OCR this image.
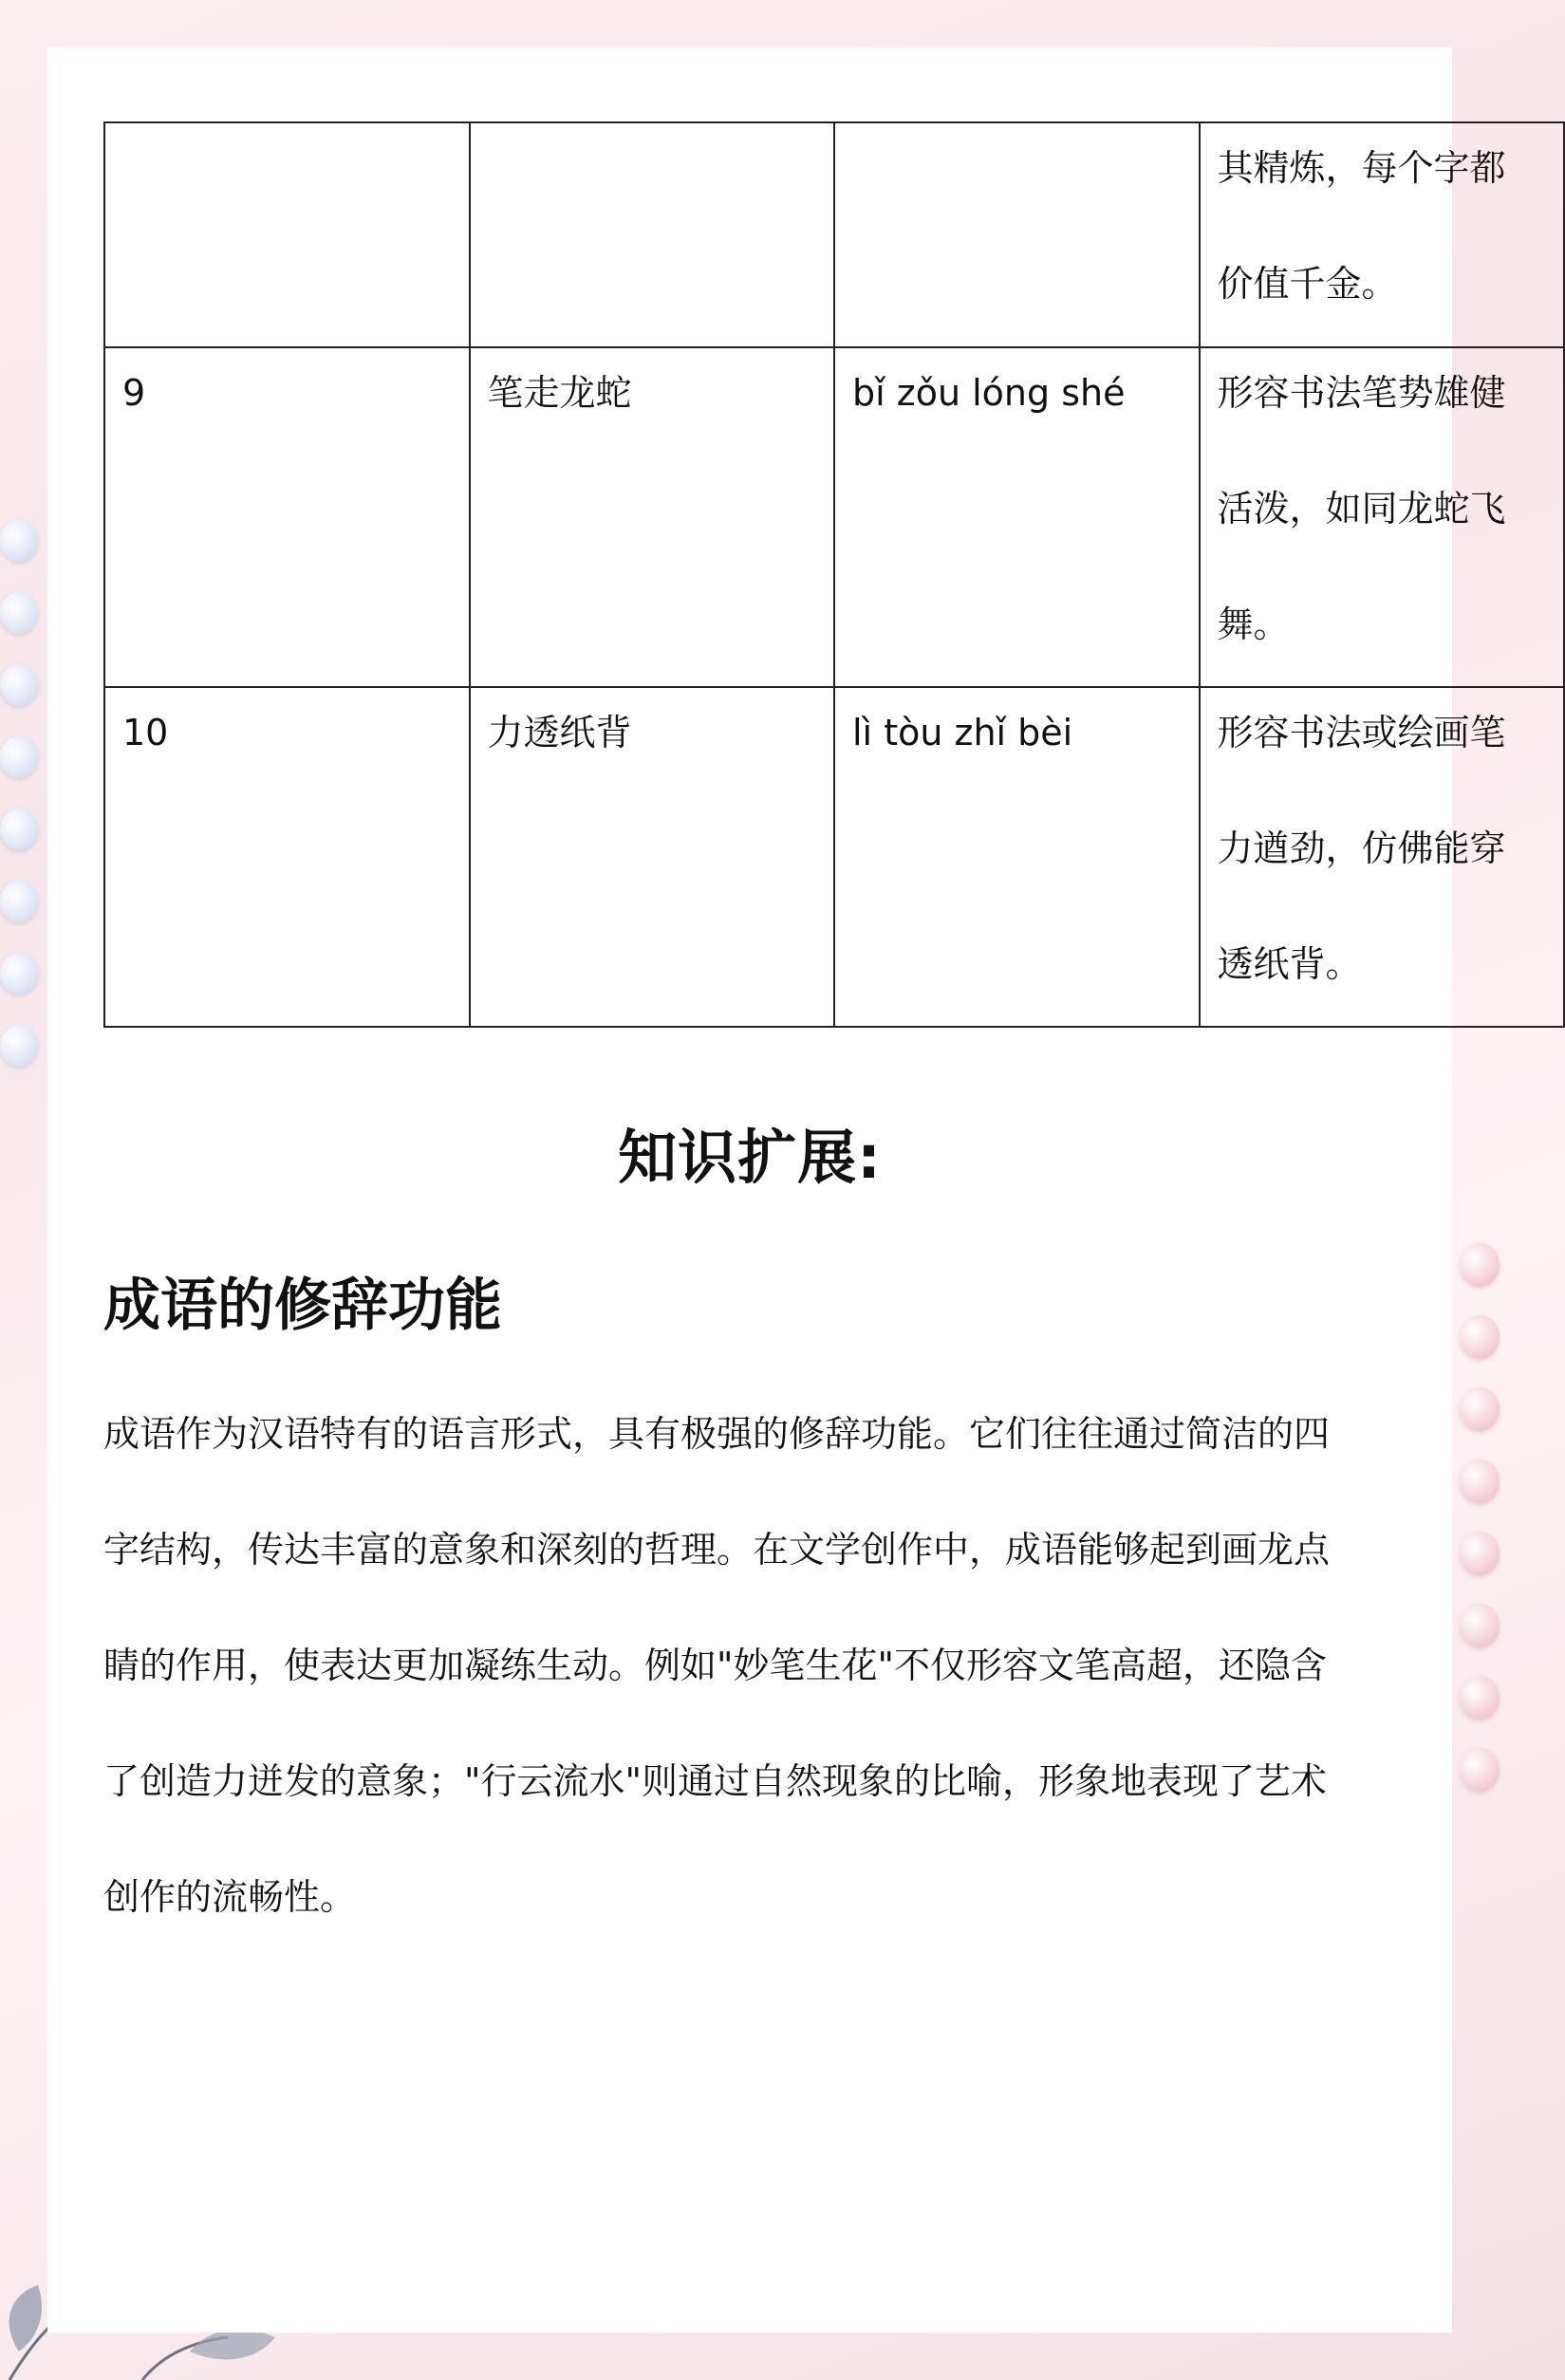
			其精炼，每个字都
价值千金。

9	笔走龙蛇	bǐ zǒu lóng shé	形容书法笔势雄健
活泼，如同龙蛇飞
舞。

10	力透纸背	lì tòu zhǐ bèi	形容书法或绘画笔
力遒劲，仿佛能穿
透纸背。
知识扩展:
成语的修辞功能
成语作为汉语特有的语言形式，具有极强的修辞功能。它们往往通过简洁的四
字结构，传达丰富的意象和深刻的哲理。在文学创作中，成语能够起到画龙点
睛的作用，使表达更加凝练生动。例如"妙笔生花"不仅形容文笔高超，还隐含
了创造力迸发的意象；"行云流水"则通过自然现象的比喻，形象地表现了艺术
创作的流畅性。
